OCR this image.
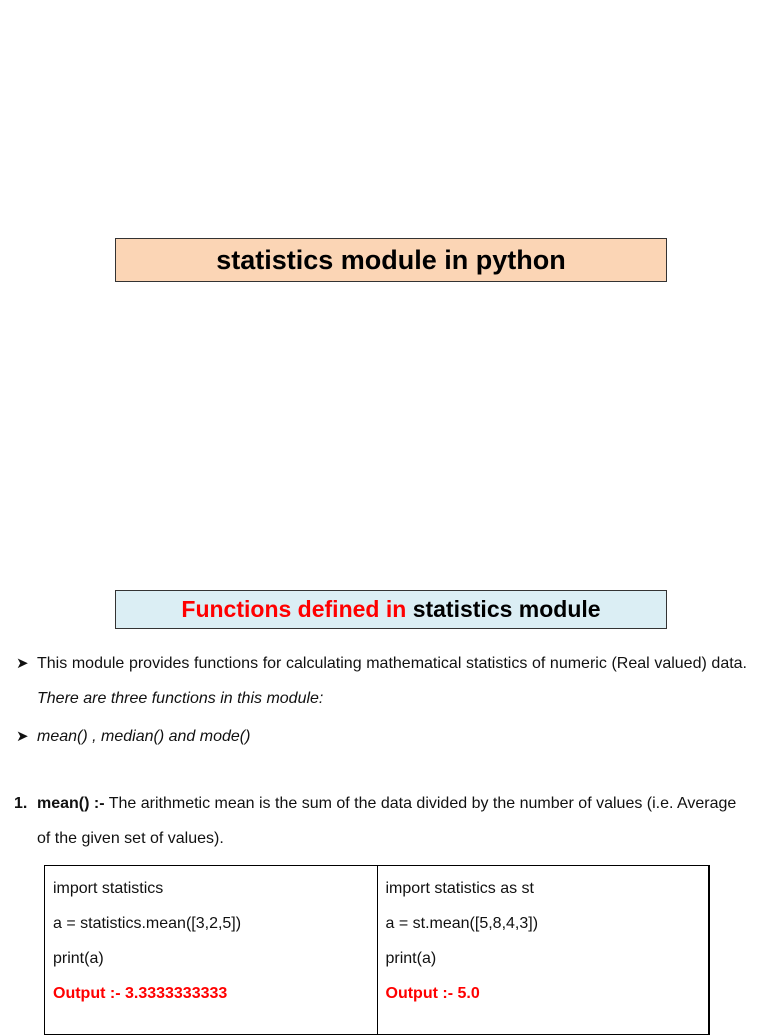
statistics module in python
Functions defined in
statistics module
➤ This module provides functions for calculating mathematical statistics of numeric (Real valued) data. There are three functions in this module:
➤ mean() , median() and mode()
1. mean() :- The arithmetic mean is the sum of the data divided by the number of values (i.e. Average of the given set of values).
import statistics
a = statistics.mean([3,2,5])
print(a)
Output :- 3.3333333333
import statistics as st
a = st.mean([5,8,4,3])
print(a)
Output :- 5.0
